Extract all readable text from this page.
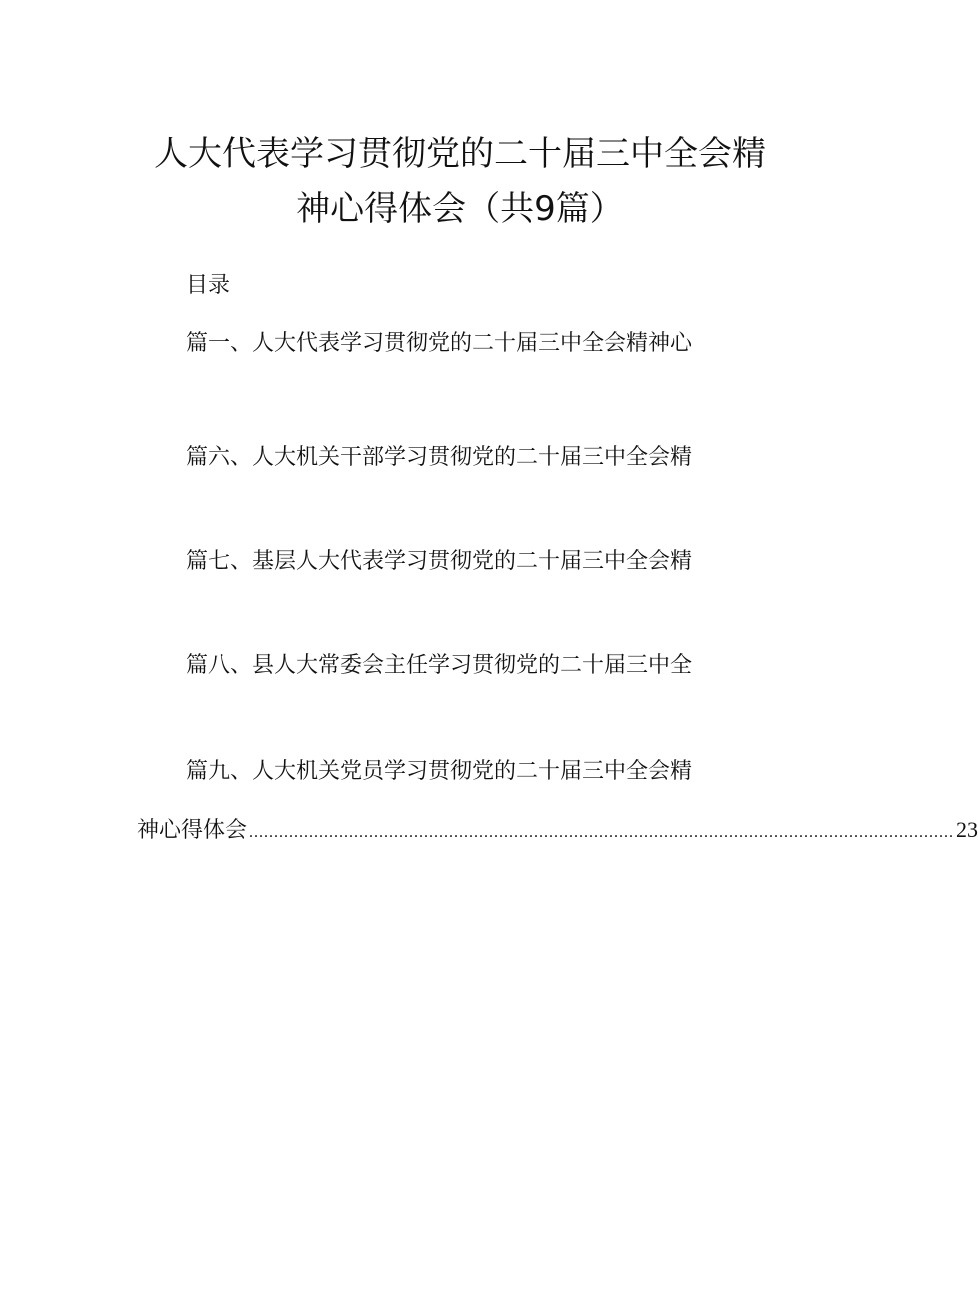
人大代表学习贯彻党的二十届三中全会精
神心得体会（共9篇）
目录
篇一、人大代表学习贯彻党的二十届三中全会精神心
篇六、人大机关干部学习贯彻党的二十届三中全会精
篇七、基层人大代表学习贯彻党的二十届三中全会精
篇八、县人大常委会主任学习贯彻党的二十届三中全
篇九、人大机关党员学习贯彻党的二十届三中全会精
神心得体会 ............................................................................................................................................. 23
